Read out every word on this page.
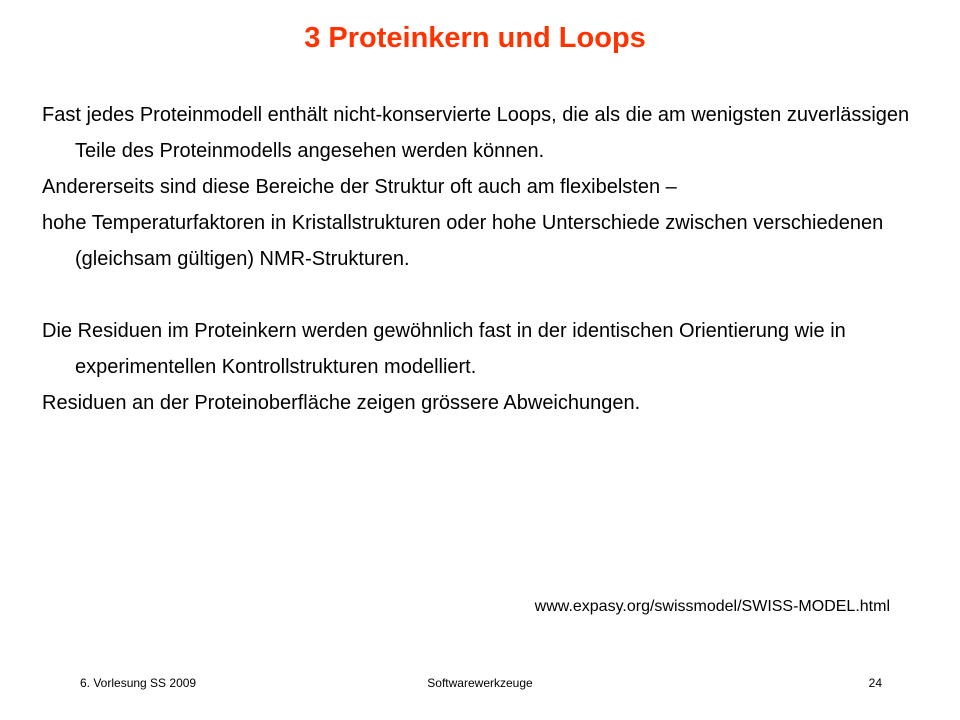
3 Proteinkern und Loops

Fast jedes Proteinmodell enthält nicht-konservierte Loops, die als die am wenigsten zuverlässigen Teile des Proteinmodells angesehen werden können.

Andererseits sind diese Bereiche der Struktur oft auch am flexibelsten –

hohe Temperaturfaktoren in Kristallstrukturen oder hohe Unterschiede zwischen verschiedenen (gleichsam gültigen) NMR-Strukturen.

Die Residuen im Proteinkern werden gewöhnlich fast in der identischen Orientierung wie in experimentellen Kontrollstrukturen modelliert.

Residuen an der Proteinoberfläche zeigen grössere Abweichungen.

www.expasy.org/swissmodel/SWISS-MODEL.html
6. Vorlesung SS 2009	Softwarewerkzeuge	24
